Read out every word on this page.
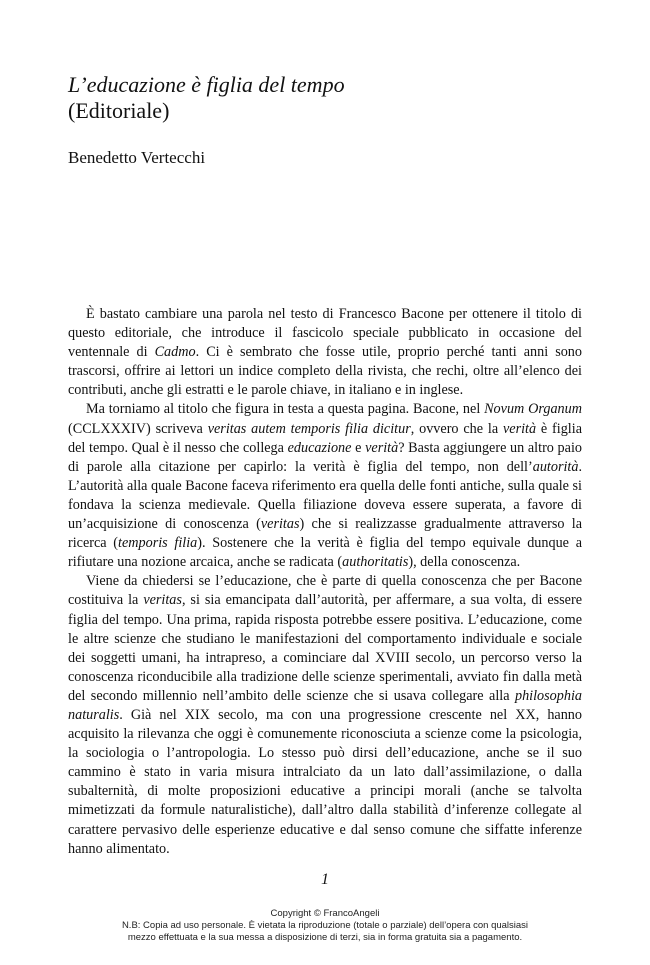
L’educazione è figlia del tempo
(Editoriale)
Benedetto Vertecchi

È bastato cambiare una parola nel testo di Francesco Bacone per ottenere il titolo di questo editoriale, che introduce il fascicolo speciale pubblicato in occasione del ventennale di Cadmo. Ci è sembrato che fosse utile, proprio perché tanti anni sono trascorsi, offrire ai lettori un indice completo della rivista, che rechi, oltre all’elenco dei contributi, anche gli estratti e le parole chiave, in italiano e in inglese.

Ma torniamo al titolo che figura in testa a questa pagina. Bacone, nel Novum Organum (CCLXXXIV) scriveva veritas autem temporis filia dicitur, ovvero che la verità è figlia del tempo. Qual è il nesso che collega educazione e verità? Basta aggiungere un altro paio di parole alla citazione per capirlo: la verità è figlia del tempo, non dell’autorità. L’autorità alla quale Bacone faceva riferimento era quella delle fonti antiche, sulla quale si fondava la scienza medievale. Quella filiazione doveva essere superata, a favore di un’acquisizione di conoscenza (veritas) che si realizzasse gradualmente attraverso la ricerca (temporis filia). Sostenere che la verità è figlia del tempo equivale dunque a rifiutare una nozione arcaica, anche se radicata (authoritatis), della conoscenza.

Viene da chiedersi se l’educazione, che è parte di quella conoscenza che per Bacone costituiva la veritas, si sia emancipata dall’autorità, per affermare, a sua volta, di essere figlia del tempo. Una prima, rapida risposta potrebbe essere positiva. L’educazione, come le altre scienze che studiano le manifestazioni del comportamento individuale e sociale dei soggetti umani, ha intrapreso, a cominciare dal XVIII secolo, un percorso verso la conoscenza riconducibile alla tradizione delle scienze sperimentali, avviato fin dalla metà del secondo millennio nell’ambito delle scienze che si usava collegare alla philosophia naturalis. Già nel XIX secolo, ma con una progressione crescente nel XX, hanno acquisito la rilevanza che oggi è comunemente riconosciuta a scienze come la psicologia, la sociologia o l’antropologia. Lo stesso può dirsi dell’educazione, anche se il suo cammino è stato in varia misura intralciato da un lato dall’assimilazione, o dalla subalternità, di molte proposizioni educative a principi morali (anche se talvolta mimetizzati da formule naturalistiche), dall’altro dalla stabilità d’inferenze collegate al carattere pervasivo delle esperienze educative e dal senso comune che siffatte inferenze hanno alimentato.

1
Copyright © FrancoAngeli
N.B: Copia ad uso personale. È vietata la riproduzione (totale o parziale) dell’opera con qualsiasi
mezzo effettuata e la sua messa a disposizione di terzi, sia in forma gratuita sia a pagamento.
